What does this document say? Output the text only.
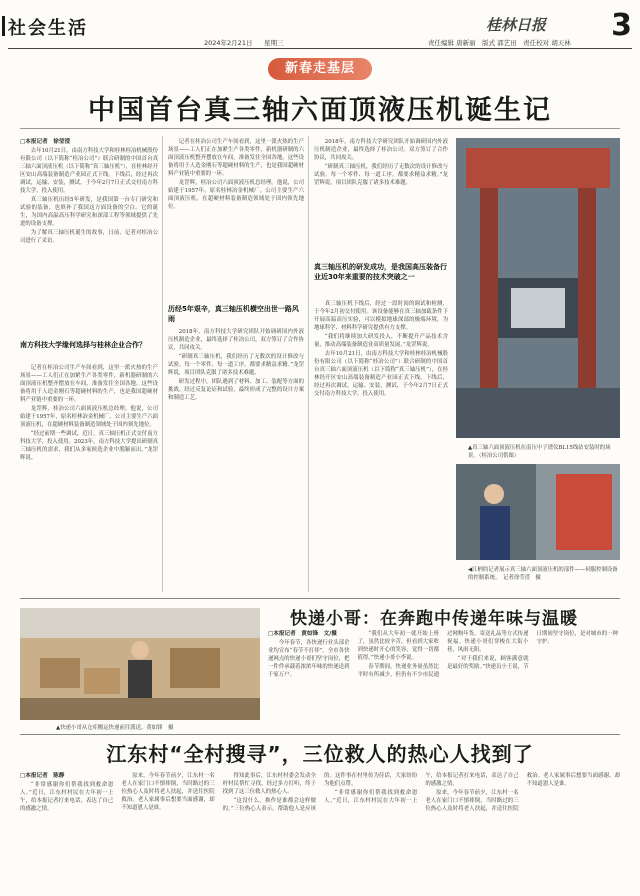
社会生活	桂林日报 3
2024年2月21日 星期三	责任编辑 唐新丽　版式 郭艺田　责任校对 胡天林
新春走基层
中国首台真三轴六面顶液压机诞生记

□本报记者　徐莹滢

去年10月21日，由南方科技大学和桂林桂冶机械股份有限公司（以下简称“桂冶公司”）联合研制的中国首台真三轴六面顶液压机（以下简称“真三轴压机”），在桂林经开区安山高端装备制造产业园正式下线。下线后，经过再次调试，运输、安装，测试，于今年2月7日正式交付南方科技大学，投入使用。

真三轴压机历经5年研发，是我国第一台专门研究和试验的装备，也填补了我国这方面设备的空白。它的诞生，为国内高温高压科学研究和深部工程等领域提供了先进的设备支撑。

为了解真三轴压机诞生的故事，日前，记者对桂冶公司进行了采访。

南方科技大学缘何选择与桂林企业合作？

记者在桂冶公司生产车间看到，这里一派火热的生产场景——工人们正在加紧生产各类零件，新机器研制的六面顶液压机整齐摆放在车间，准备发往全国各地。这些设备将用于人造金刚石等超硬材料的生产，也是我国超硬材料产业链中重要的一环。

龙罡辉，桂冶公司六面顶液压机总经理。他说，公司始建于1957年，原名桂林冶金机械厂。公司主要生产六面顶液压机，在超硬材料装备制造领域处于国内领先地位。

“经过前期一些调试，近日，真三轴压机正式交付南方科技大学，投入使用。2023年，南方科技大学提出研制真三轴压机的需求，我们从多家候选企业中脱颖而出。”龙罡辉说。

记者在桂冶公司生产车间看到，这里一派火热的生产场景——工人们正在加紧生产各类零件，新机器研制的六面顶液压机整齐摆放在车间，准备发往全国各地。这些设备将用于人造金刚石等超硬材料的生产，也是我国超硬材料产业链中重要的一环。

龙罡辉，桂冶公司六面顶液压机总经理。他说，公司始建于1957年，原名桂林冶金机械厂。公司主要生产六面顶液压机，在超硬材料装备制造领域处于国内领先地位。

历经5年艰辛，真三轴压机横空出世一路风雨

2018年，南方科技大学研究团队开始调研国内外液压机制造企业，最终选择了桂冶公司。双方签订了合作协议，共同攻关。

“研制真三轴压机，我们经历了无数次的设计修改与试验。每一个零件、每一道工序，都要求精益求精。”龙罡辉说，项目团队克服了诸多技术难题。

研发过程中，团队遇到了材料、加工、装配等方面的挑战。经过反复论证和试验，最终形成了完整的设计方案和制造工艺。

2018年，南方科技大学研究团队开始调研国内外液压机制造企业，最终选择了桂冶公司。双方签订了合作协议，共同攻关。

“研制真三轴压机，我们经历了无数次的设计修改与试验。每一个零件、每一道工序，都要求精益求精。”龙罡辉说，项目团队克服了诸多技术难题。

真三轴压机的研发成功，是我国高压装备行业近30年来重要的技术突破之一

真三轴压机下线后，经过一段时间的调试和检测，于今年2月初交付使用。该设备能够在真三轴加载条件下开展高温高压实验，可以模拟地球深部的极端环境，为地球科学、材料科学研究提供有力支撑。

“我们将继续加大研发投入，不断提升产品技术含量，推动高端装备制造业高质量发展。”龙罡辉说。

去年10月21日，由南方科技大学和桂林桂冶机械股份有限公司（以下简称“桂冶公司”）联合研制的中国首台真三轴六面顶液压机（以下简称“真三轴压机”），在桂林经开区安山高端装备制造产业园正式下线。下线后，经过再次调试，运输、安装，测试，于今年2月7日正式交付南方科技大学，投入使用。

▲真三轴六面顶液压机在南压中子谱仪BL15线站安装时的场景。（桂冶公司供图）
◀江柄的记者展示真三轴六面顶液压机的部件——伺服控制设备的控制系统。　记者徐莹滢　摄
快递小哥：在奔跑中传递年味与温暖
▲快递小哥从仓库搬运快递前往派送。黄如锋　摄

□本报记者　黄如锋　文/摄

今年春节，各快递行业头部企业均宣布“春节不打烊”。全市各快递网点的快递小哥们坚守岗位，把一件件承载着浓浓年味的快递送到千家万户。

“我们从大年初一就开始上班了，虽然比较辛苦，但看到大家收到快递时开心的笑容，觉得一切都值得。”快递小哥小李说。

春节期间，快递业务量虽然比平时有所减少，但仍有不少市民通过网购年货、寄送礼品等方式传递祝福。快递小哥们穿梭在大街小巷，风雨无阻。

“对于我们来说，顾客满意就是最好的奖励。”快递员小王说，节日期间坚守岗位，是对城市的一种守护。

江东村“全村搜寻”，三位救人的热心人找到了

□本报记者　陈静

“非常感谢你们帮我找到救命恩人。”近日，江东村村民在大年初一上午，给本报记者打来电话，表达了自己的感激之情。

原来，今年春节前夕，江东村一名老人在家门口不慎摔倒，当时路过的三位热心人及时将老人扶起，并送往医院救治。老人家属事后想要当面感谢，却不知道恩人是谁。

得知此事后，江东村村委会发动全村村民帮忙寻找，经过多方打听，终于找到了这三位救人的热心人。

“这没什么，换作是谁都会这样做的。”三位热心人表示，帮助他人是应该的。这件事在村里传为佳话，大家纷纷为他们点赞。

“非常感谢你们帮我找到救命恩人。”近日，江东村村民在大年初一上午，给本报记者打来电话，表达了自己的感激之情。

原来，今年春节前夕，江东村一名老人在家门口不慎摔倒，当时路过的三位热心人及时将老人扶起，并送往医院救治。老人家属事后想要当面感谢，却不知道恩人是谁。
